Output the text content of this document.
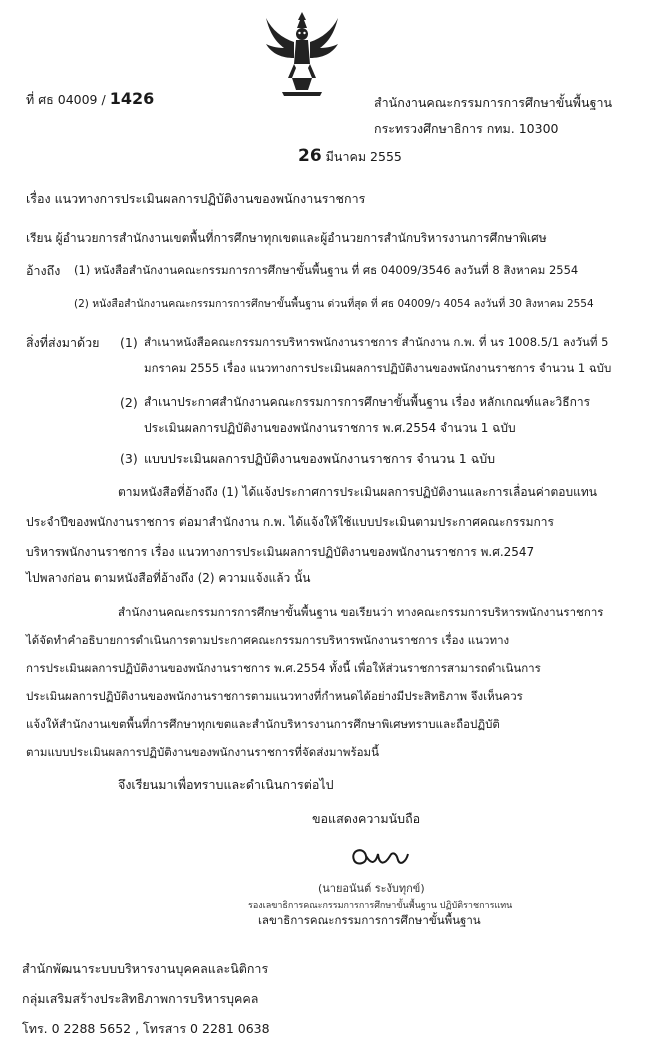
ที่ ศธ 04009 / 1426	สำนักงานคณะกรรมการการศึกษาขั้นพื้นฐาน
กระทรวงศึกษาธิการ กทม. 10300
26 มีนาคม 2555
เรื่อง แนวทางการประเมินผลการปฏิบัติงานของพนักงานราชการ
เรียน ผู้อำนวยการสำนักงานเขตพื้นที่การศึกษาทุกเขตและผู้อำนวยการสำนักบริหารงานการศึกษาพิเศษ
อ้างถึง (1) หนังสือสำนักงานคณะกรรมการการศึกษาขั้นพื้นฐาน ที่ ศธ 04009/3546 ลงวันที่ 8 สิงหาคม 2554
(2) หนังสือสำนักงานคณะกรรมการการศึกษาขั้นพื้นฐาน ด่วนที่สุด ที่ ศธ 04009/ว 4054 ลงวันที่ 30 สิงหาคม 2554
สิ่งที่ส่งมาด้วย (1) สำเนาหนังสือคณะกรรมการบริหารพนักงานราชการ สำนักงาน ก.พ. ที่ นร 1008.5/1 ลงวันที่ 5
มกราคม 2555 เรื่อง แนวทางการประเมินผลการปฏิบัติงานของพนักงานราชการ จำนวน 1 ฉบับ
(2) สำเนาประกาศสำนักงานคณะกรรมการการศึกษาขั้นพื้นฐาน เรื่อง หลักเกณฑ์และวิธีการ
ประเมินผลการปฏิบัติงานของพนักงานราชการ พ.ศ.2554 จำนวน 1 ฉบับ
(3) แบบประเมินผลการปฏิบัติงานของพนักงานราชการ จำนวน 1 ฉบับ
ตามหนังสือที่อ้างถึง (1) ได้แจ้งประกาศการประเมินผลการปฏิบัติงานและการเลื่อนค่าตอบแทน
ประจำปีของพนักงานราชการ ต่อมาสำนักงาน ก.พ. ได้แจ้งให้ใช้แบบประเมินตามประกาศคณะกรรมการ
บริหารพนักงานราชการ เรื่อง แนวทางการประเมินผลการปฏิบัติงานของพนักงานราชการ พ.ศ.2547
ไปพลางก่อน ตามหนังสือที่อ้างถึง (2) ความแจ้งแล้ว นั้น
สำนักงานคณะกรรมการการศึกษาขั้นพื้นฐาน ขอเรียนว่า ทางคณะกรรมการบริหารพนักงานราชการ
ได้จัดทำคำอธิบายการดำเนินการตามประกาศคณะกรรมการบริหารพนักงานราชการ เรื่อง แนวทาง
การประเมินผลการปฏิบัติงานของพนักงานราชการ พ.ศ.2554 ทั้งนี้ เพื่อให้ส่วนราชการสามารถดำเนินการ
ประเมินผลการปฏิบัติงานของพนักงานราชการตามแนวทางที่กำหนดได้อย่างมีประสิทธิภาพ จึงเห็นควร
แจ้งให้สำนักงานเขตพื้นที่การศึกษาทุกเขตและสำนักบริหารงานการศึกษาพิเศษทราบและถือปฏิบัติ
ตามแบบประเมินผลการปฏิบัติงานของพนักงานราชการที่จัดส่งมาพร้อมนี้
จึงเรียนมาเพื่อทราบและดำเนินการต่อไป
ขอแสดงความนับถือ
(นายอนันต์ ระงับทุกข์)
รองเลขาธิการคณะกรรมการการศึกษาขั้นพื้นฐาน ปฏิบัติราชการแทน
เลขาธิการคณะกรรมการการศึกษาขั้นพื้นฐาน
สำนักพัฒนาระบบบริหารงานบุคคลและนิติการ
กลุ่มเสริมสร้างประสิทธิภาพการบริหารบุคคล
โทร. 0 2288 5652 , โทรสาร 0 2281 0638
